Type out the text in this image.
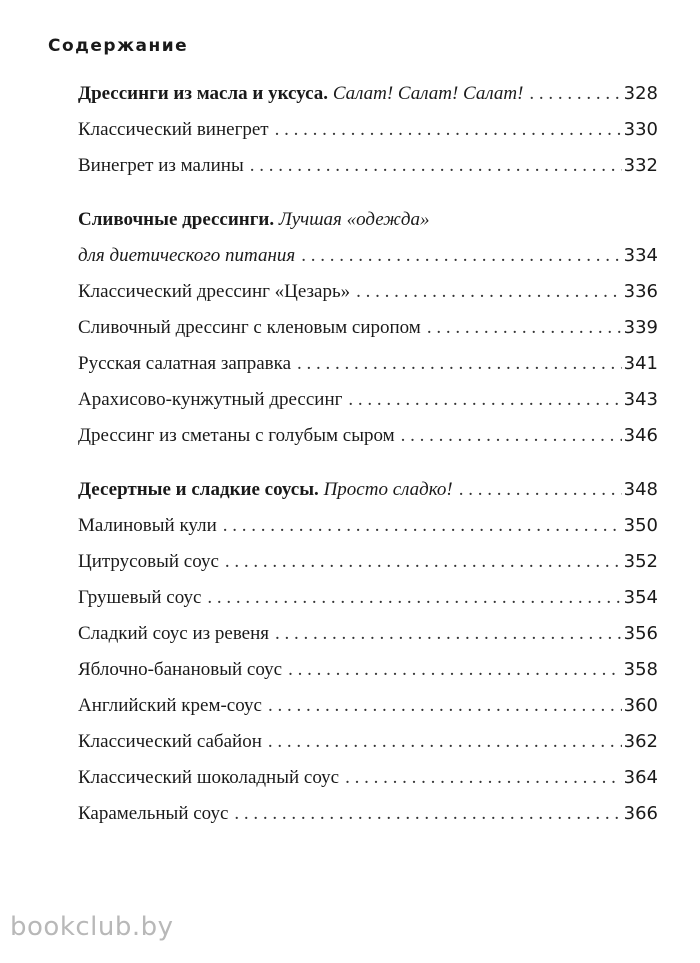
Содержание
Дрессинги из масла и уксуса. Салат! Салат! Салат! . . .	328
Классический винегрет . . .	330
Винегрет из малины . . .	332
Сливочные дрессинги. Лучшая «одежда»
для диетического питания . . .	334
Классический дрессинг «Цезарь» . . .	336
Сливочный дрессинг с кленовым сиропом . . .	339
Русская салатная заправка . . .	341
Арахисово-кунжутный дрессинг . . .	343
Дрессинг из сметаны с голубым сыром . . .	346
Десертные и сладкие соусы. Просто сладко! . . .	348
Малиновый кули . . .	350
Цитрусовый соус . . .	352
Грушевый соус . . .	354
Сладкий соус из ревеня . . .	356
Яблочно-банановый соус . . .	358
Английский крем-соус . . .	360
Классический сабайон . . .	362
Классический шоколадный соус . . .	364
Карамельный соус . . .	366
bookclub.by
